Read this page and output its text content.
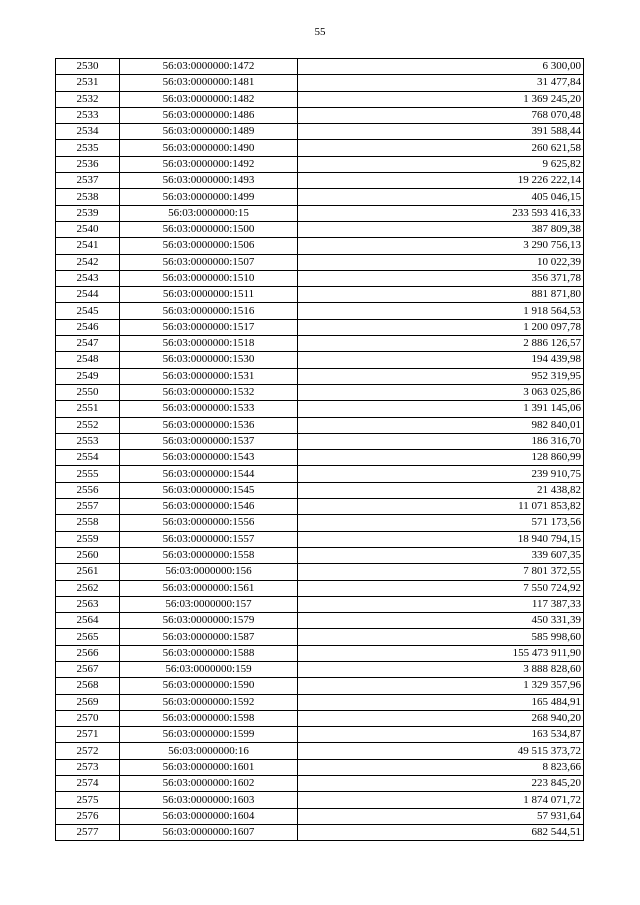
55
2530	56:03:0000000:1472	6 300,00
2531	56:03:0000000:1481	31 477,84
2532	56:03:0000000:1482	1 369 245,20
2533	56:03:0000000:1486	768 070,48
2534	56:03:0000000:1489	391 588,44
2535	56:03:0000000:1490	260 621,58
2536	56:03:0000000:1492	9 625,82
2537	56:03:0000000:1493	19 226 222,14
2538	56:03:0000000:1499	405 046,15
2539	56:03:0000000:15	233 593 416,33
2540	56:03:0000000:1500	387 809,38
2541	56:03:0000000:1506	3 290 756,13
2542	56:03:0000000:1507	10 022,39
2543	56:03:0000000:1510	356 371,78
2544	56:03:0000000:1511	881 871,80
2545	56:03:0000000:1516	1 918 564,53
2546	56:03:0000000:1517	1 200 097,78
2547	56:03:0000000:1518	2 886 126,57
2548	56:03:0000000:1530	194 439,98
2549	56:03:0000000:1531	952 319,95
2550	56:03:0000000:1532	3 063 025,86
2551	56:03:0000000:1533	1 391 145,06
2552	56:03:0000000:1536	982 840,01
2553	56:03:0000000:1537	186 316,70
2554	56:03:0000000:1543	128 860,99
2555	56:03:0000000:1544	239 910,75
2556	56:03:0000000:1545	21 438,82
2557	56:03:0000000:1546	11 071 853,82
2558	56:03:0000000:1556	571 173,56
2559	56:03:0000000:1557	18 940 794,15
2560	56:03:0000000:1558	339 607,35
2561	56:03:0000000:156	7 801 372,55
2562	56:03:0000000:1561	7 550 724,92
2563	56:03:0000000:157	117 387,33
2564	56:03:0000000:1579	450 331,39
2565	56:03:0000000:1587	585 998,60
2566	56:03:0000000:1588	155 473 911,90
2567	56:03:0000000:159	3 888 828,60
2568	56:03:0000000:1590	1 329 357,96
2569	56:03:0000000:1592	165 484,91
2570	56:03:0000000:1598	268 940,20
2571	56:03:0000000:1599	163 534,87
2572	56:03:0000000:16	49 515 373,72
2573	56:03:0000000:1601	8 823,66
2574	56:03:0000000:1602	223 845,20
2575	56:03:0000000:1603	1 874 071,72
2576	56:03:0000000:1604	57 931,64
2577	56:03:0000000:1607	682 544,51
